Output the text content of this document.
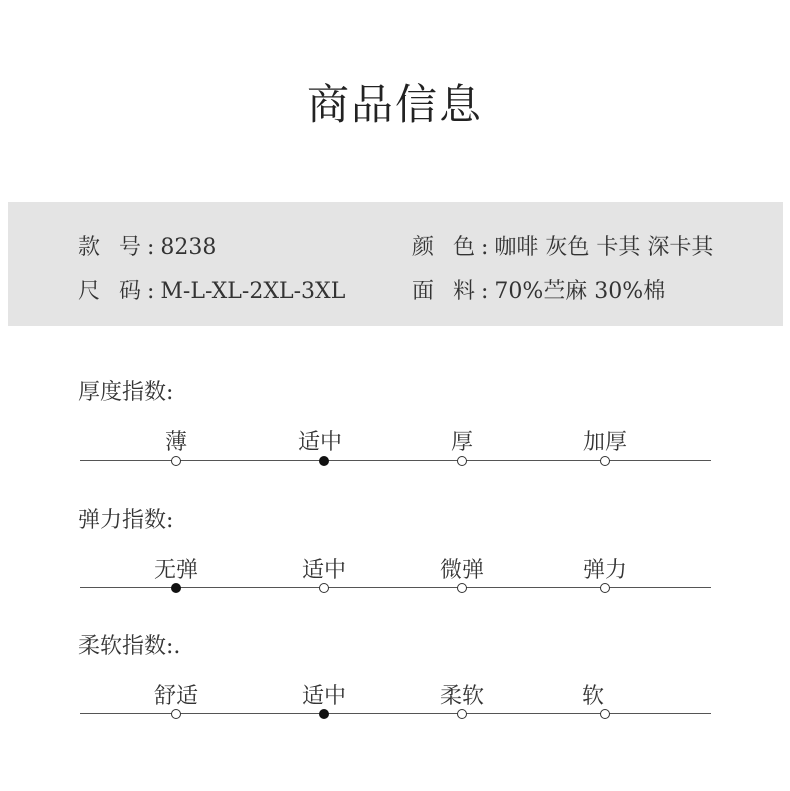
商品信息
款 号:8238	颜 色:咖啡 灰色 卡其 深卡其
尺 码:M-L-XL-2XL-3XL	面 料:70%苎麻 30%棉
厚度指数:
薄	适中	厚	加厚
弹力指数:
无弹	适中	微弹	弹力
柔软指数:.
舒适	适中	柔软	软
